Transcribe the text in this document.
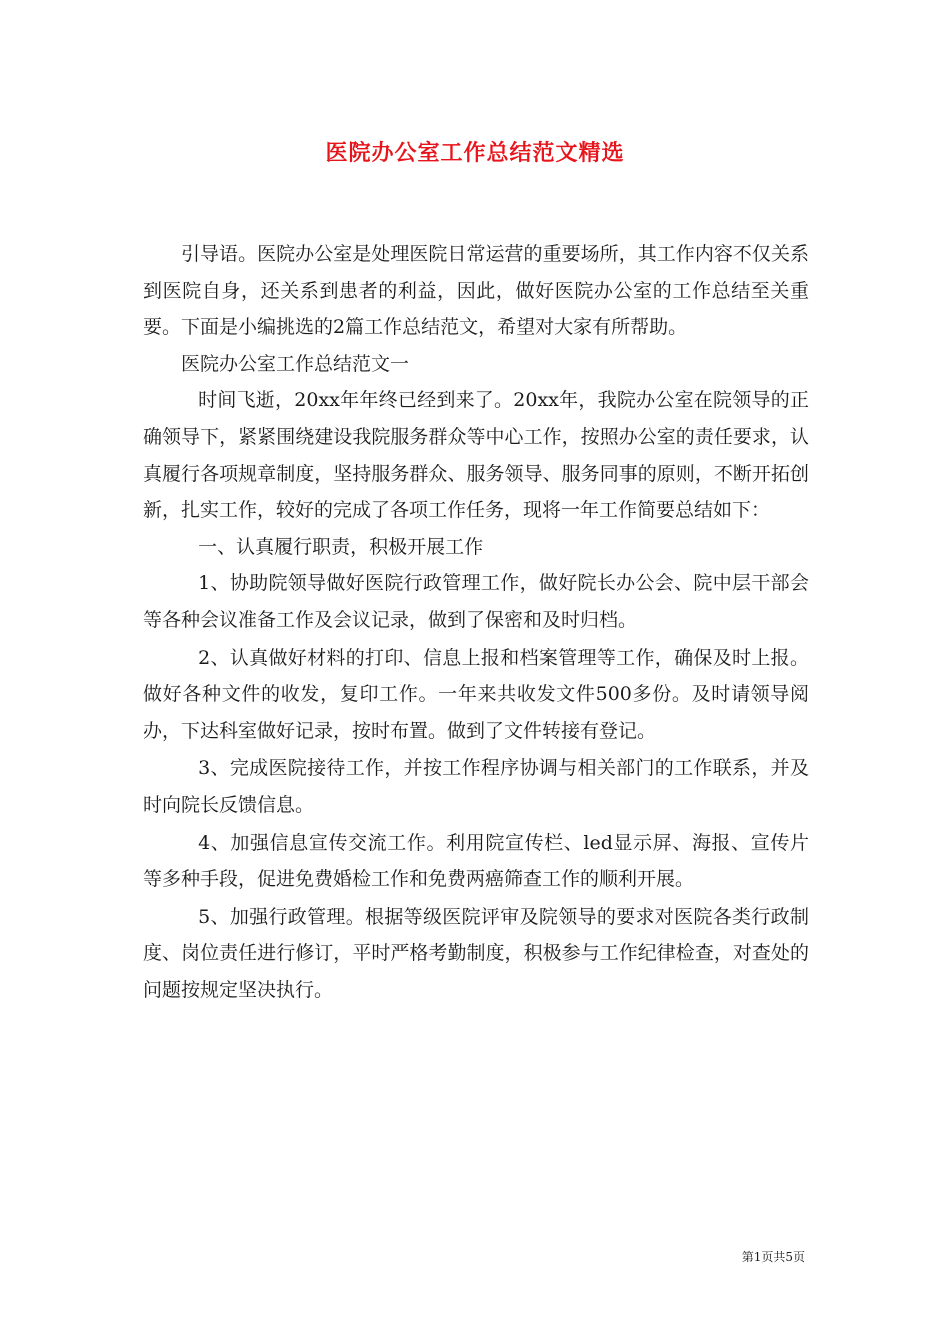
医院办公室工作总结范文精选

引导语。医院办公室是处理医院日常运营的重要场所，其工作内容不仅关系到医院自身，还关系到患者的利益，因此，做好医院办公室的工作总结至关重要。下面是小编挑选的2篇工作总结范文，希望对大家有所帮助。

医院办公室工作总结范文一

时间飞逝，20xx年年终已经到来了。20xx年，我院办公室在院领导的正确领导下，紧紧围绕建设我院服务群众等中心工作，按照办公室的责任要求，认真履行各项规章制度，坚持服务群众、服务领导、服务同事的原则，不断开拓创新，扎实工作，较好的完成了各项工作任务，现将一年工作简要总结如下：

一、认真履行职责，积极开展工作

1、协助院领导做好医院行政管理工作，做好院长办公会、院中层干部会等各种会议准备工作及会议记录，做到了保密和及时归档。

2、认真做好材料的打印、信息上报和档案管理等工作，确保及时上报。做好各种文件的收发，复印工作。一年来共收发文件500多份。及时请领导阅办，下达科室做好记录，按时布置。做到了文件转接有登记。

3、完成医院接待工作，并按工作程序协调与相关部门的工作联系，并及时向院长反馈信息。

4、加强信息宣传交流工作。利用院宣传栏、led显示屏、海报、宣传片等多种手段，促进免费婚检工作和免费两癌筛查工作的顺利开展。

5、加强行政管理。根据等级医院评审及院领导的要求对医院各类行政制度、岗位责任进行修订，平时严格考勤制度，积极参与工作纪律检查，对查处的问题按规定坚决执行。

第1页共5页
